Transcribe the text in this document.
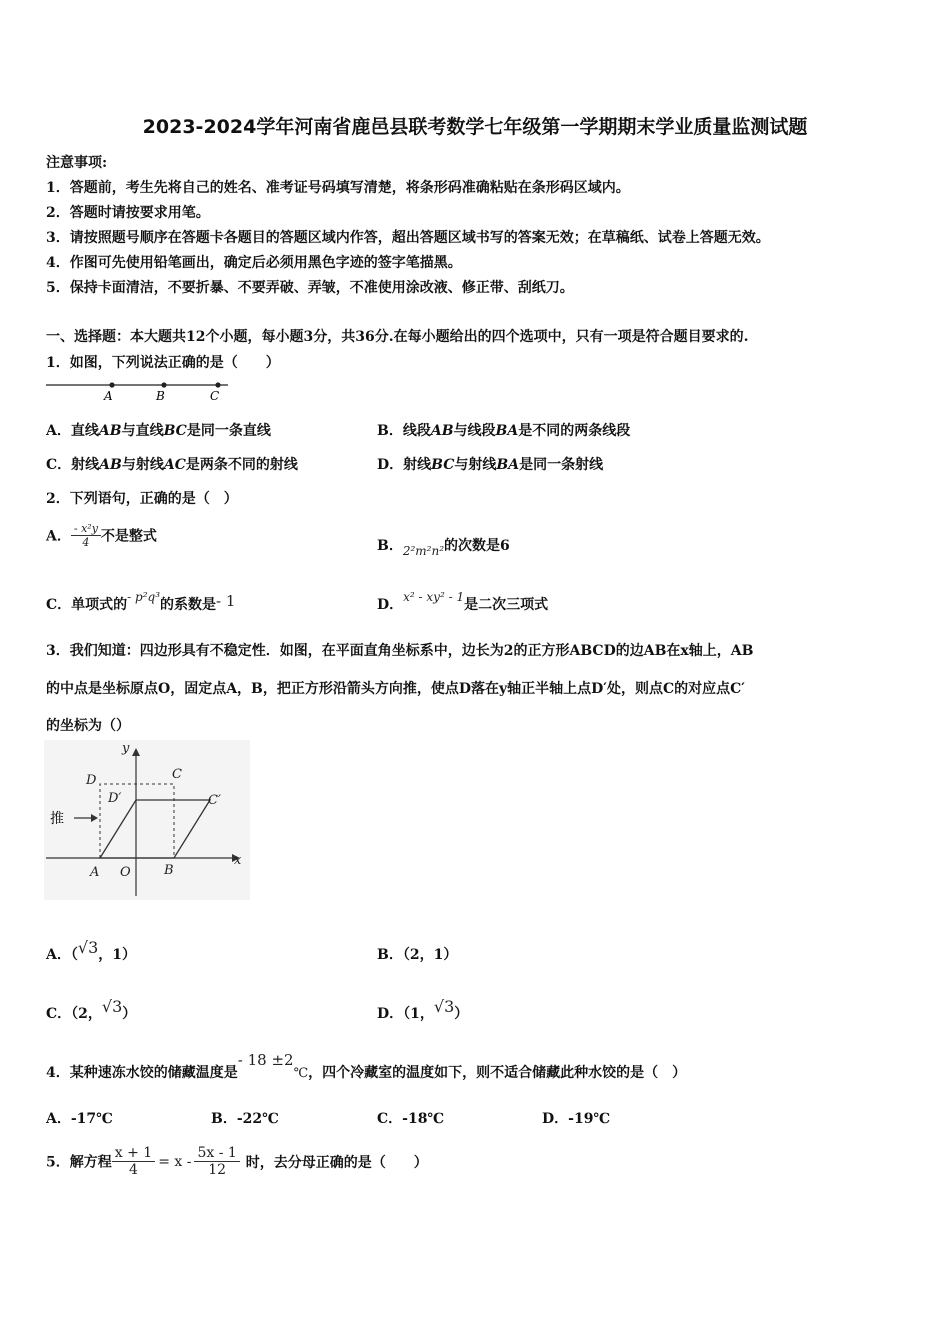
2023-2024学年河南省鹿邑县联考数学七年级第一学期期末学业质量监测试题
注意事项:
1．答题前，考生先将自己的姓名、准考证号码填写清楚，将条形码准确粘贴在条形码区域内。
2．答题时请按要求用笔。
3．请按照题号顺序在答题卡各题目的答题区域内作答，超出答题区域书写的答案无效；在草稿纸、试卷上答题无效。
4．作图可先使用铅笔画出，确定后必须用黑色字迹的签字笔描黑。
5．保持卡面清洁，不要折暴、不要弄破、弄皱，不准使用涂改液、修正带、刮纸刀。
一、选择题：本大题共12个小题，每小题3分，共36分.在每小题给出的四个选项中，只有一项是符合题目要求的.
1．如图，下列说法正确的是（　　）
A	B	C
A．直线AB与直线BC是同一条直线	B．线段AB与线段BA是不同的两条线段
C．射线AB与射线AC是两条不同的射线	D．射线BC与射线BA是同一条射线
2．下列语句，正确的是（　）
A． $\frac{\text{- x²y}}{4}$ 不是整式
B．2²m²n²的次数是6
C．单项式的- p²q³的系数是- 1	D．x² - xy² - 1是二次三项式
3．我们知道：四边形具有不稳定性．如图，在平面直角坐标系中，边长为2的正方形ABCD的边AB在x轴上，AB
的中点是坐标原点O，固定点A，B，把正方形沿箭头方向推，使点D落在y轴正半轴上点D′处，则点C的对应点C′
的坐标为（）
推
D	C
D′	C′
A O	B
x
y
A．（√3，1）	B．（2，1）
C．（2，√3）	D．（1，√3）
4．某种速冻水饺的储藏温度是- 18 ±2℃，四个冷藏室的温度如下，则不适合储藏此种水饺的是（　）
A．-17℃	B．-22℃	C．-18℃	D．-19℃
5．解方程 $\frac{x + 1}{4} = x - \frac{5x - 1}{12}$ 时，去分母正确的是（　　）
